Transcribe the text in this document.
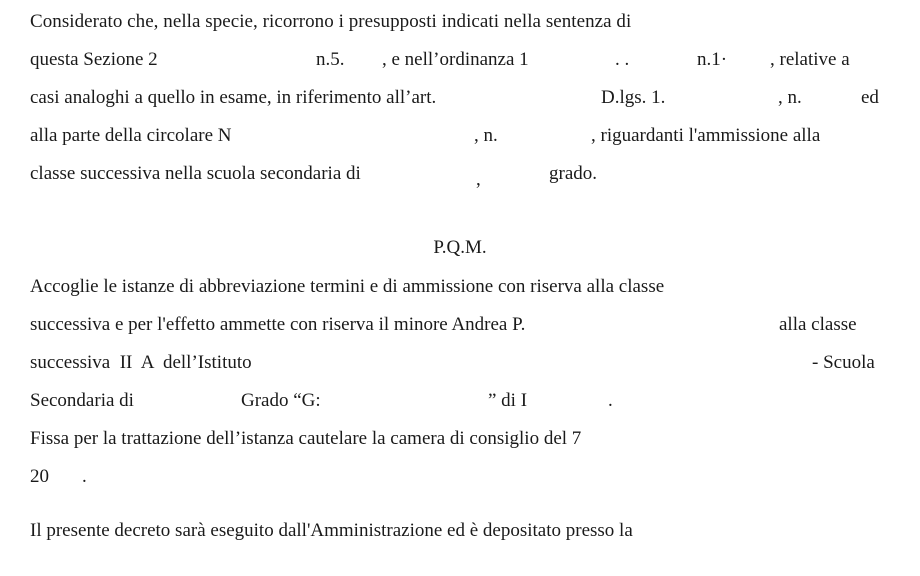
Considerato che, nella specie, ricorrono i presupposti indicati nella sentenza di
questa Sezione 2	n.5. , e nell’ordinanza 1	. .	n.1· , relative a
casi analoghi a quello in esame, in riferimento all’art.	D.lgs. 1.	, n.	ed
alla parte della circolare N	, n.	, riguardanti l'ammissione alla
classe successiva nella scuola secondaria di	,	grado.
P.Q.M.
Accoglie le istanze di abbreviazione termini e di ammissione con riserva alla classe
successiva e per l'effetto ammette con riserva il minore Andrea P.	alla classe
successiva  II  A  dell’Istituto	- Scuola
Secondaria di	Grado “G:	” di I	.
Fissa per la trattazione dell’istanza cautelare la camera di consiglio del 7
20 .
Il presente decreto sarà eseguito dall'Amministrazione ed è depositato presso la
